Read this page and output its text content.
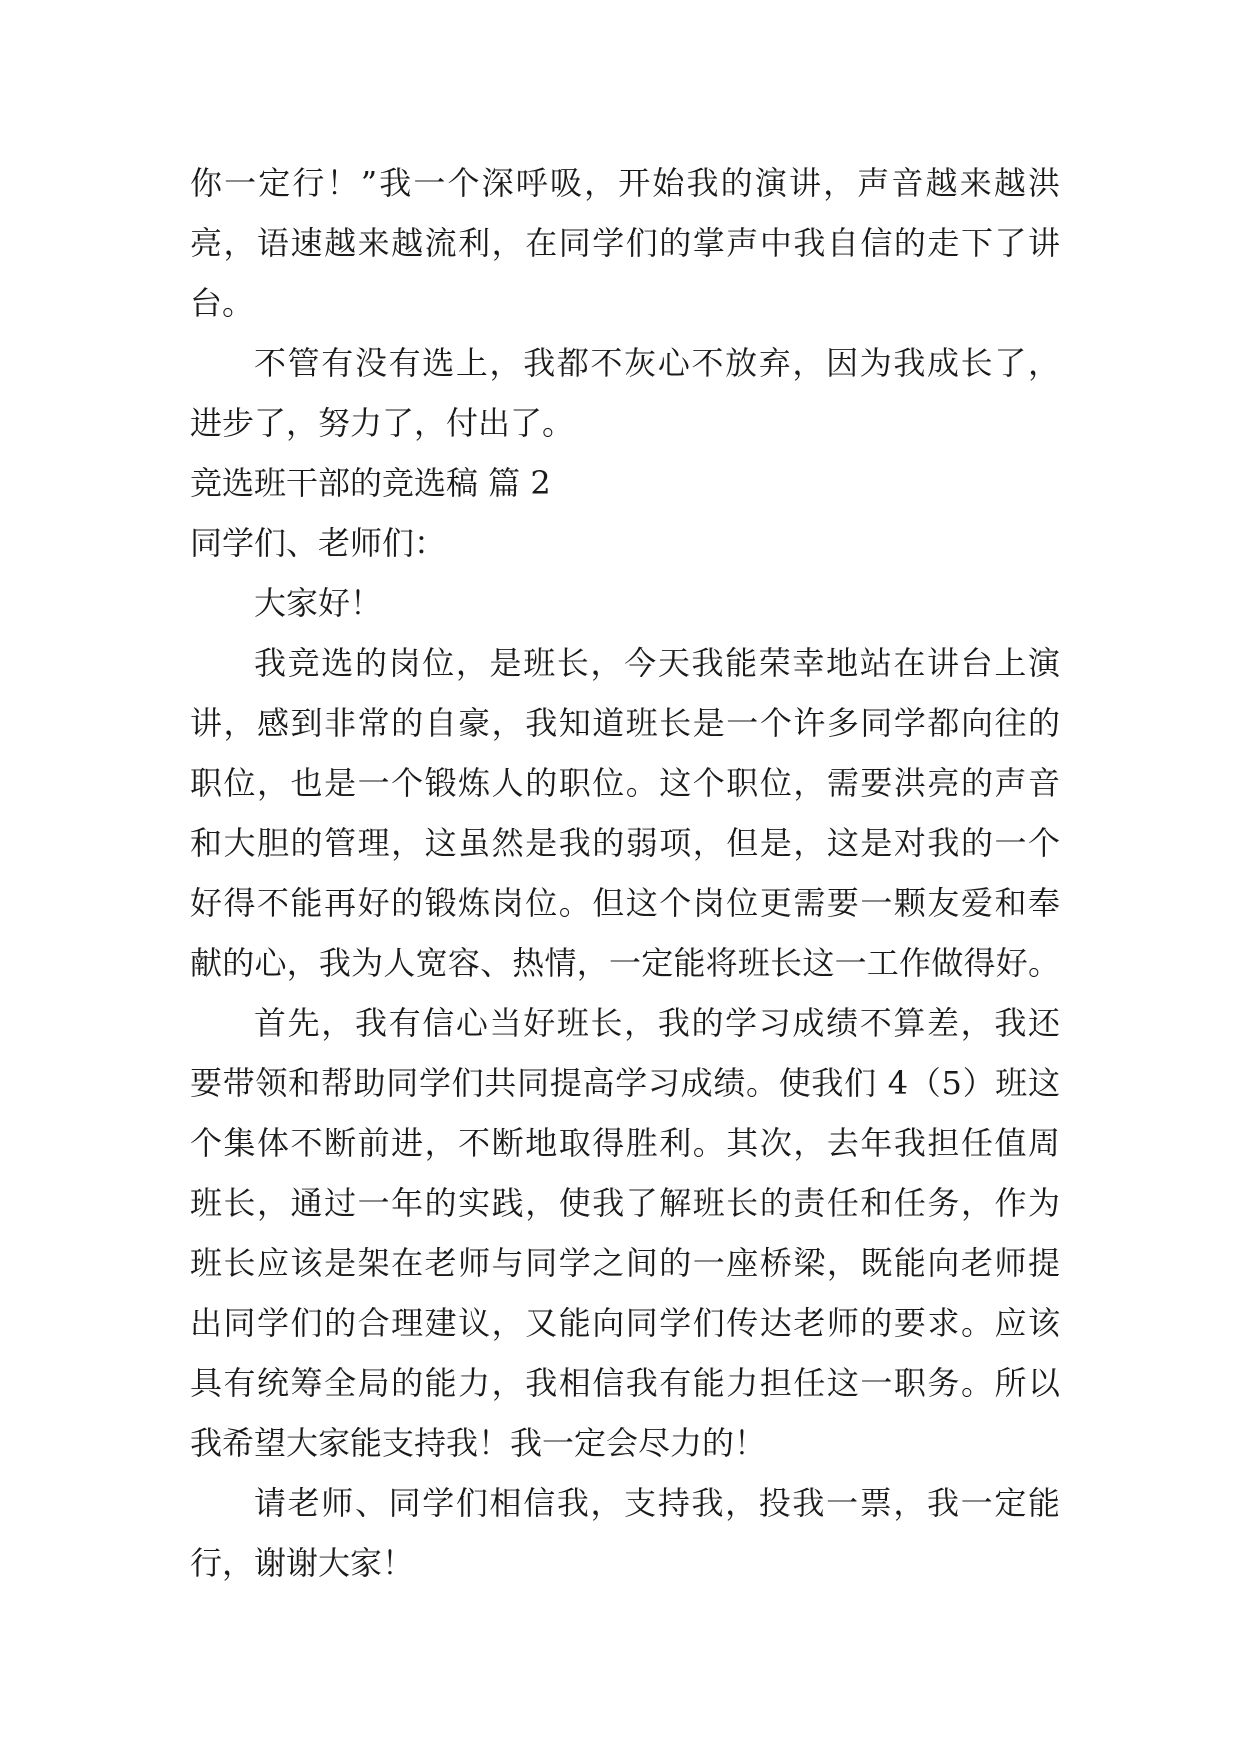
你一定行！”我一个深呼吸，开始我的演讲，声音越来越洪
亮，语速越来越流利，在同学们的掌声中我自信的走下了讲
台。
不管有没有选上，我都不灰心不放弃，因为我成长了，
进步了，努力了，付出了。
竞选班干部的竞选稿 篇 2
同学们、老师们：
大家好！
我竞选的岗位，是班长，今天我能荣幸地站在讲台上演
讲，感到非常的自豪，我知道班长是一个许多同学都向往的
职位，也是一个锻炼人的职位。这个职位，需要洪亮的声音
和大胆的管理，这虽然是我的弱项，但是，这是对我的一个
好得不能再好的锻炼岗位。但这个岗位更需要一颗友爱和奉
献的心，我为人宽容、热情，一定能将班长这一工作做得好。
首先，我有信心当好班长，我的学习成绩不算差，我还
要带领和帮助同学们共同提高学习成绩。使我们 4（5）班这
个集体不断前进，不断地取得胜利。其次，去年我担任值周
班长，通过一年的实践，使我了解班长的责任和任务，作为
班长应该是架在老师与同学之间的一座桥梁，既能向老师提
出同学们的合理建议，又能向同学们传达老师的要求。应该
具有统筹全局的能力，我相信我有能力担任这一职务。所以
我希望大家能支持我！我一定会尽力的！
请老师、同学们相信我，支持我，投我一票，我一定能
行，谢谢大家！
